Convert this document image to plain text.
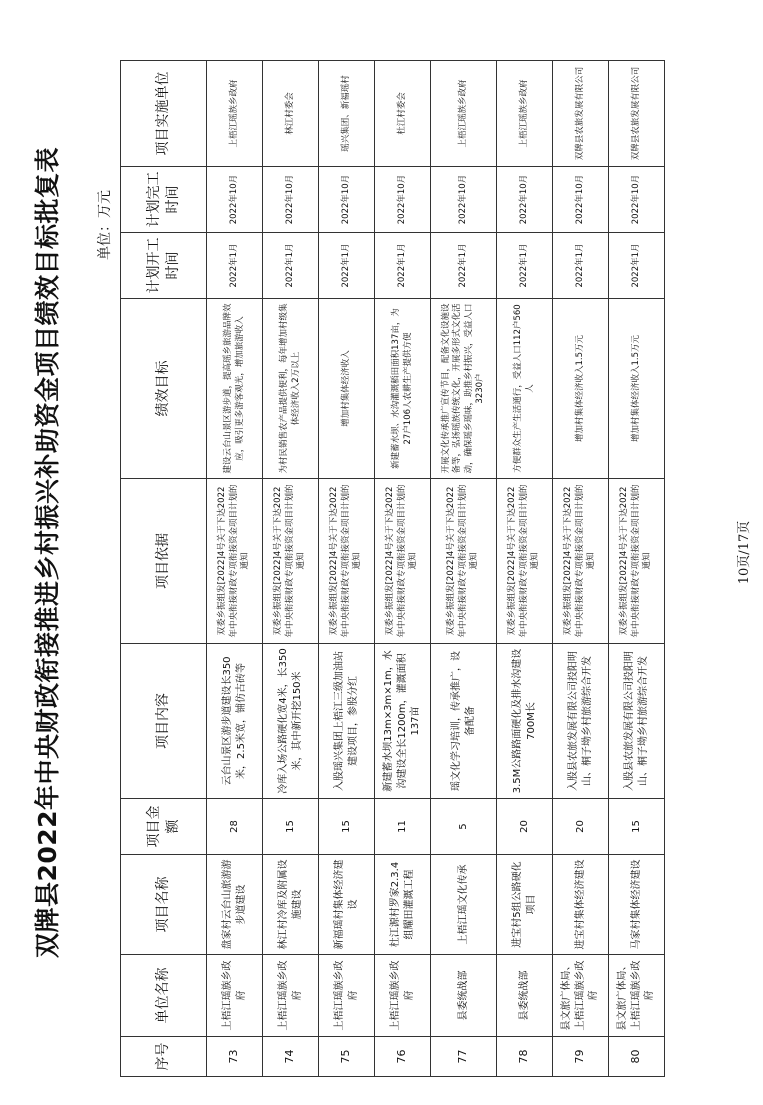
双牌县2022年中央财政衔接推进乡村振兴补助资金项目绩效目标批复表	单位：万元
序号	单位名称	项目名称	项目金额	项目内容	项目依据	绩效目标	计划开工时间	计划完工时间	项目实施单位
73	上梧江瑶族乡政府	盘家村云台山旅游游步道建设	28	云台山景区游步道建设长350米，2.5米宽，铺仿古砖等	双委乡振组发[2022]4号关于下达2022年中央衔接财政专项衔接资金项目计划的通知	建设云台山景区游步道，提高瑶乡旅游品牌效应，吸引更多游客观光，增加旅游收入	2022年1月	2022年10月	上梧江瑶族乡政府
74	上梧江瑶族乡政府	林江村冷库及附属设施建设	15	冷库入场公路硬化宽4米，长350米，其中新开挖150米	双委乡振组发[2022]4号关于下达2022年中央衔接财政专项衔接资金项目计划的通知	为村民销售农产品提供便利，每年增加村级集体经济收入2万以上	2022年1月	2022年10月	林江村委会
75	上梧江瑶族乡政府	新福瑶村集体经济建设	15	入股瑶兴集团上梧江三级加油站建设项目，参股分红	双委乡振组发[2022]4号关于下达2022年中央衔接财政专项衔接资金项目计划的通知	增加村集体经济收入	2022年1月	2022年10月	瑶兴集团、新福瑶村
76	上梧江瑶族乡政府	杜江源村罗家2.3.4组耀田灌溉工程	11	新建蓄水坝13m×3m×1m，水沟建设全长1200m，灌溉面积137亩	双委乡振组发[2022]4号关于下达2022年中央衔接财政专项衔接资金项目计划的通知	新建蓄水坝、水沟灌溉稻田面积137亩，为27户106人农耕生产提供方便	2022年1月	2022年10月	杜江村委会
77	县委统战部	上梧江瑶文化传承	5	瑶文化学习培训，传承推广，设备配备	双委乡振组发[2022]4号关于下达2022年中央衔接财政专项衔接资金项目计划的通知	开展文化传承推广宣传节目，配备文化设施设备等，弘扬瑶族传统文化，开展多形式文化活动，确保瑶乡瑶味，助推乡村振兴，受益人口3230户	2022年1月	2022年10月	上梧江瑶族乡政府
78	县委统战部	进宝村5组公路硬化项目	20	3.5M公路路面硬化及排水沟建设700M长	双委乡振组发[2022]4号关于下达2022年中央衔接财政专项衔接资金项目计划的通知	方便群众生产生活通行，受益人口112户560人	2022年1月	2022年10月	上梧江瑶族乡政府
79	县文旅广体局、上梧江瑶族乡政府	进宝村集体经济建设	20	入股县农旅发展有限公司投阳明山、桐子坳乡村旅游综合开发	双委乡振组发[2022]4号关于下达2022年中央衔接财政专项衔接资金项目计划的通知	增加村集体经济收入1.5万元	2022年1月	2022年10月	双牌县农旅发展有限公司
80	县文旅广体局、上梧江瑶族乡政府	马家村集体经济建设	15	入股县农旅发展有限公司投阳明山、桐子坳乡村旅游综合开发	双委乡振组发[2022]4号关于下达2022年中央衔接财政专项衔接资金项目计划的通知	增加村集体经济收入1.5万元	2022年1月	2022年10月	双牌县农旅发展有限公司
10页/17页
